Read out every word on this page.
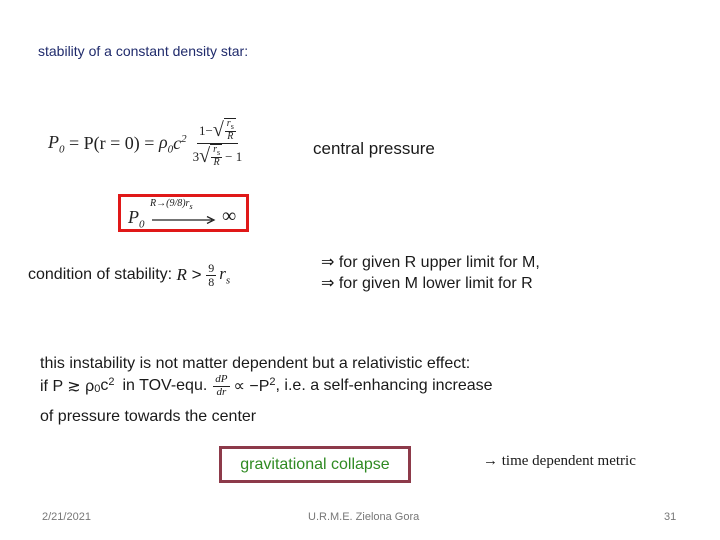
stability of a constant density star:
$P_0 = P(r = 0) = \rho_0$ $c^2$
1− √ $\frac{r_s}{R}$
3 √ $\frac{r_s}{R} - 1$	central pressure
$P_0$
$R\to(9/8)r_s$ ∞
condition of stability: $R > \frac{9}{8} r_s$
⇒ for given R upper limit for M,
⇒ for given M lower limit for R
this instability is not matter dependent but a relativistic effect:
if P ≳ ρ 0 $c^2$ in TOV-equ. $\frac{dP}{dr} \propto -P^2$ , i.e. a self-enhancing increase
of pressure towards the center
gravitational collapse	→ time dependent metric
2/21/2021	U.R.M.E. Zielona Gora	31
